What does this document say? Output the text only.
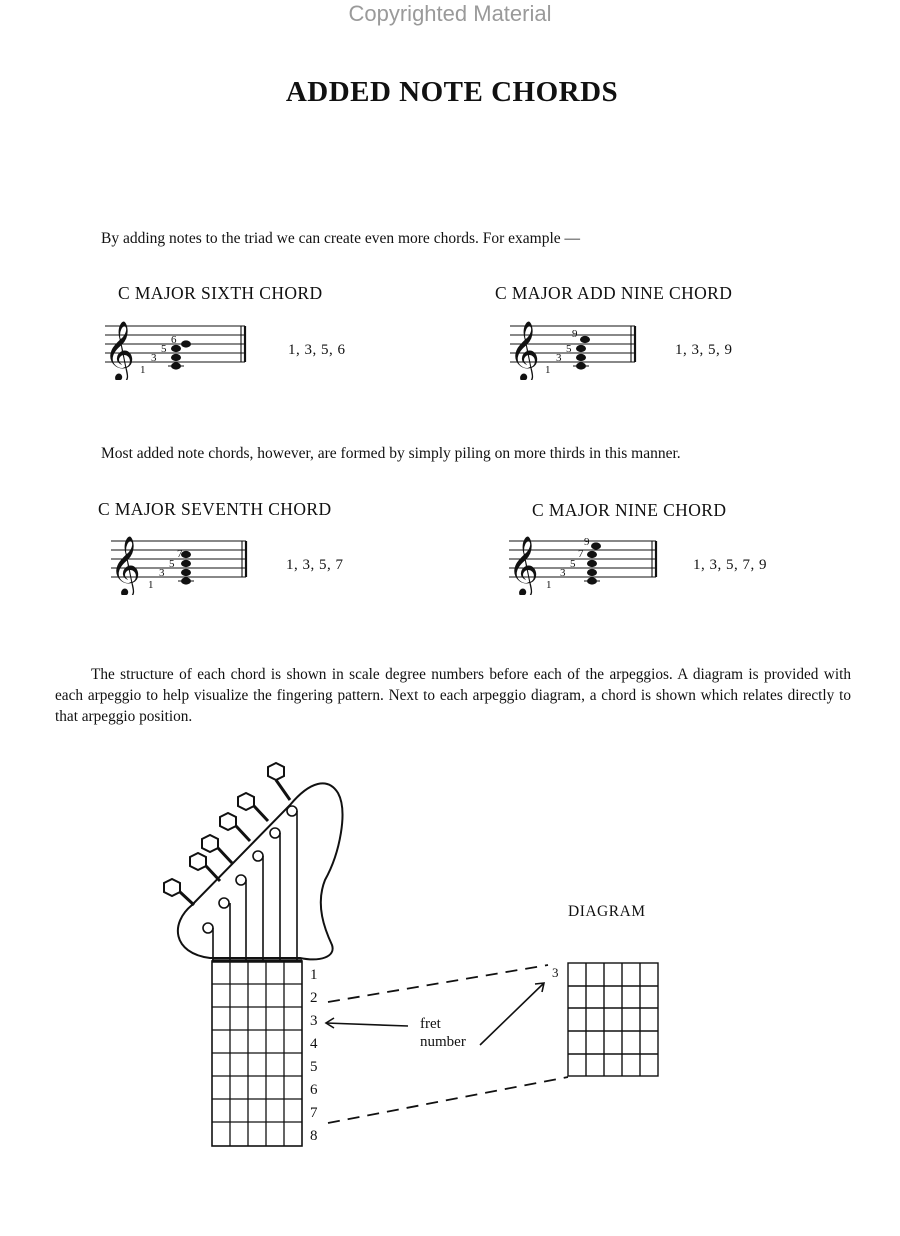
Copyrighted Material
ADDED NOTE CHORDS
By adding notes to the triad we can create even more chords. For example —
C MAJOR SIXTH CHORD	C MAJOR ADD NINE CHORD
𝄞 1
3
5
6
1, 3, 5, 6	𝄞 1
3
5
9
1, 3, 5, 9
Most added note chords, however, are formed by simply piling on more thirds in this manner.
C MAJOR SEVENTH CHORD	C MAJOR NINE CHORD
𝄞 1
3
5
7
1, 3, 5, 7	𝄞 1
3
5
7
9
1, 3, 5, 7, 9

The structure of each chord is shown in scale degree numbers before each of the arpeggios. A diagram is provided with each arpeggio to help visualize the fingering pattern. Next to each arpeggio diagram, a chord is shown which relates directly to that arpeggio position.

1
2
3
4
5
6
7
8
3
fret
number
DIAGRAM
